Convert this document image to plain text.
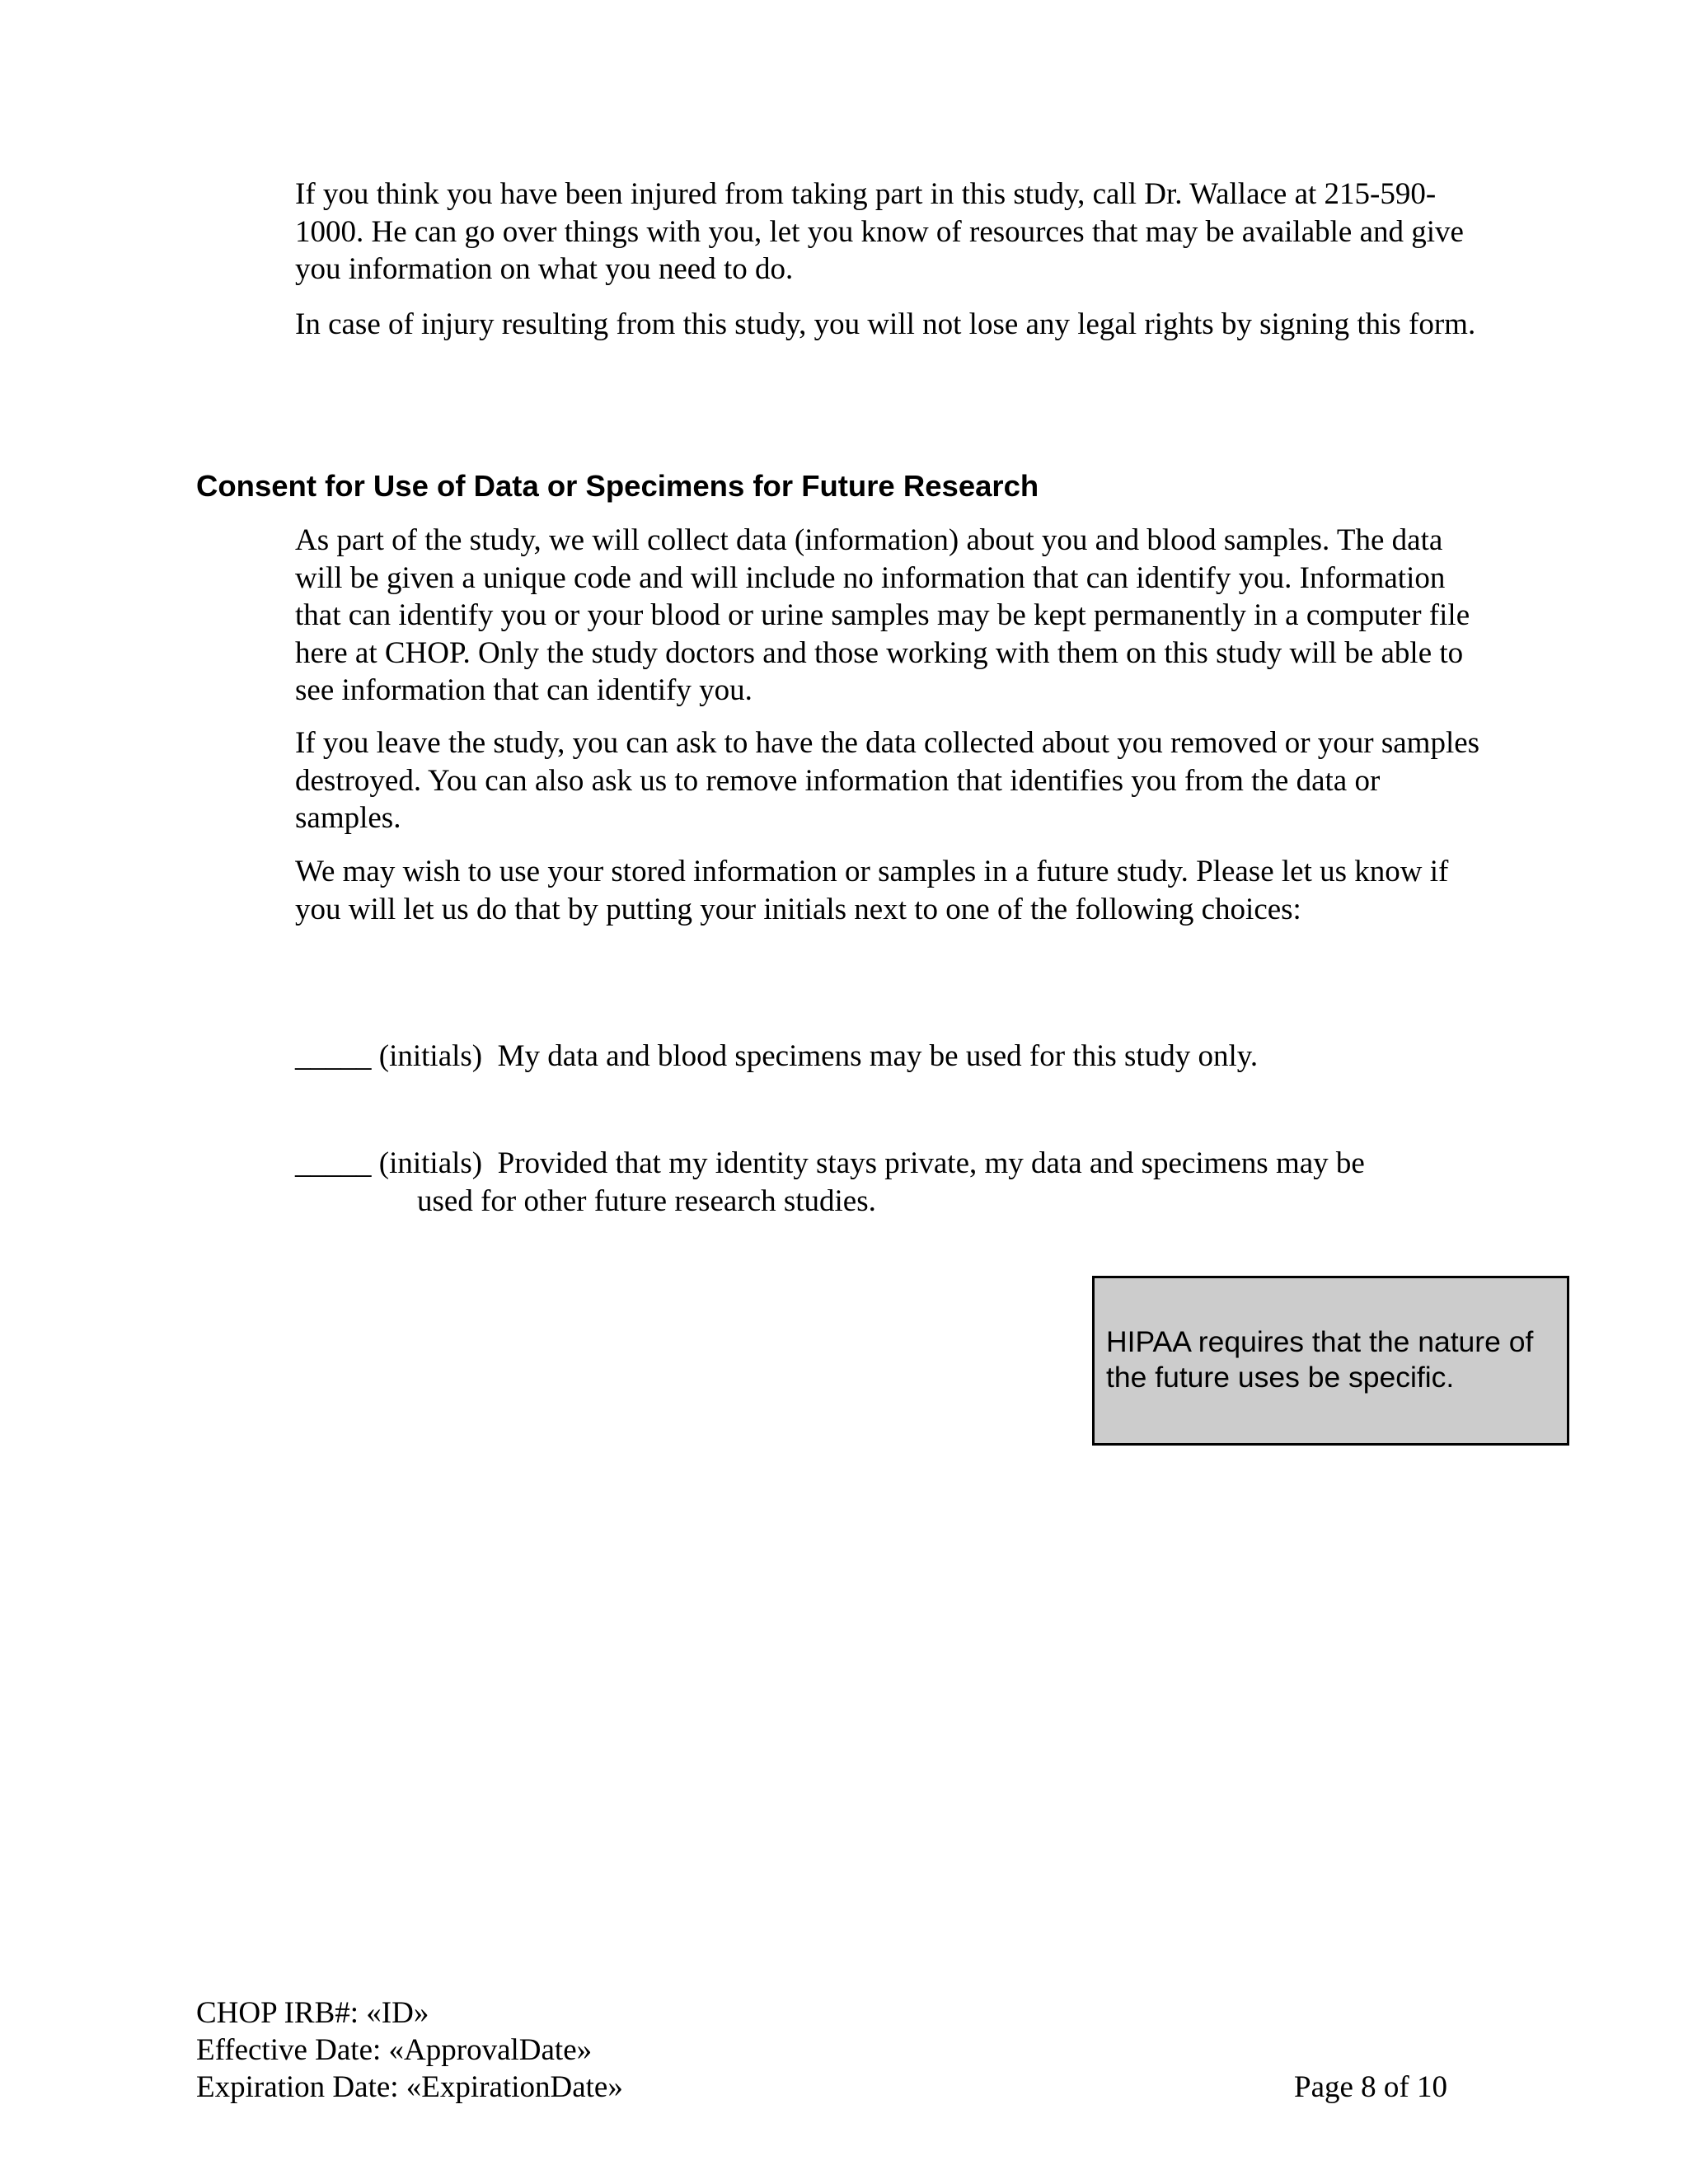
If you think you have been injured from taking part in this study, call Dr. Wallace at 215-590-1000. He can go over things with you, let you know of resources that may be available and give you information on what you need to do.

In case of injury resulting from this study, you will not lose any legal rights by signing this form.

Consent for Use of Data or Specimens for Future Research

As part of the study, we will collect data (information) about you and blood samples. The data will be given a unique code and will include no information that can identify you. Information that can identify you or your blood or urine samples may be kept permanently in a computer file here at CHOP. Only the study doctors and those working with them on this study will be able to see information that can identify you.

If you leave the study, you can ask to have the data collected about you removed or your samples destroyed. You can also ask us to remove information that identifies you from the data or samples.

We may wish to use your stored information or samples in a future study. Please let us know if you will let us do that by putting your initials next to one of the following choices:

_____ (initials) My data and blood specimens may be used for this study only.

_____ (initials) Provided that my identity stays private, my data and specimens may be
used for other future research studies.

HIPAA requires that the nature of the future uses be specific.

CHOP IRB#: «ID»

Effective Date: «ApprovalDate»

Expiration Date: «ExpirationDate»	Page 8 of 10
